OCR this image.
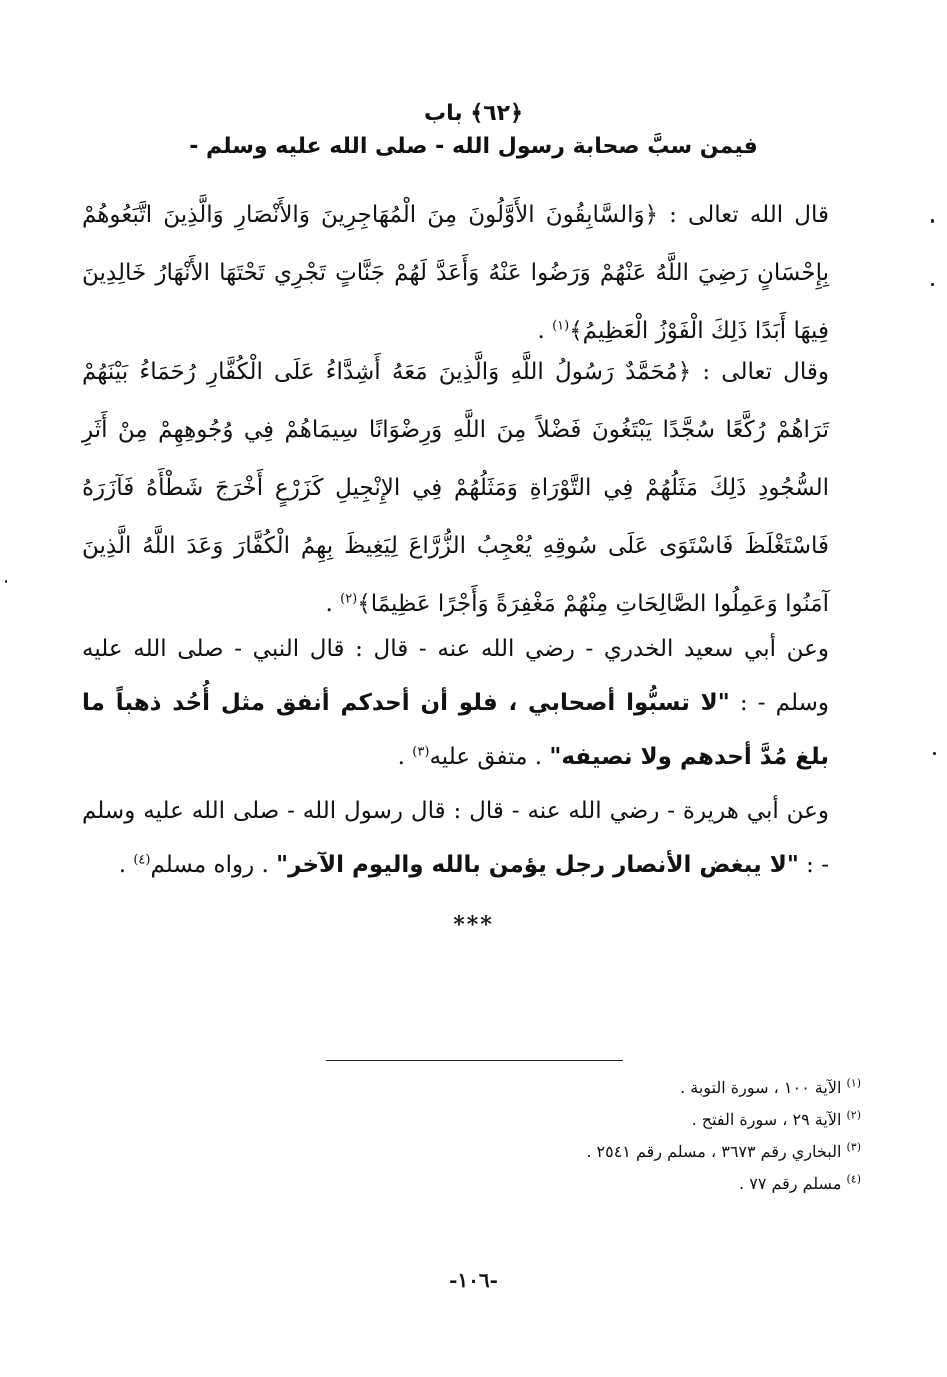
﴿٦٢﴾ باب
فيمن سبَّ صحابة رسول الله - صلى الله عليه وسلم -

قال الله تعالى : ﴿وَالسَّابِقُونَ الأَوَّلُونَ مِنَ الْمُهَاجِرِينَ وَالأَنْصَارِ وَالَّذِينَ اتَّبَعُوهُمْ بِإِحْسَانٍ رَضِيَ اللَّهُ عَنْهُمْ وَرَضُوا عَنْهُ وَأَعَدَّ لَهُمْ جَنَّاتٍ تَجْرِي تَحْتَهَا الأَنْهَارُ خَالِدِينَ فِيهَا أَبَدًا ذَلِكَ الْفَوْزُ الْعَظِيمُ﴾$^{(١)}$ .

وقال تعالى : ﴿مُحَمَّدٌ رَسُولُ اللَّهِ وَالَّذِينَ مَعَهُ أَشِدَّاءُ عَلَى الْكُفَّارِ رُحَمَاءُ بَيْنَهُمْ تَرَاهُمْ رُكَّعًا سُجَّدًا يَبْتَغُونَ فَضْلاً مِنَ اللَّهِ وَرِضْوَانًا سِيمَاهُمْ فِي وُجُوهِهِمْ مِنْ أَثَرِ السُّجُودِ ذَلِكَ مَثَلُهُمْ فِي التَّوْرَاةِ وَمَثَلُهُمْ فِي الإِنْجِيلِ كَزَرْعٍ أَخْرَجَ شَطْأَهُ فَآزَرَهُ فَاسْتَغْلَظَ فَاسْتَوَى عَلَى سُوقِهِ يُعْجِبُ الزُّرَّاعَ لِيَغِيظَ بِهِمُ الْكُفَّارَ وَعَدَ اللَّهُ الَّذِينَ آمَنُوا وَعَمِلُوا الصَّالِحَاتِ مِنْهُمْ مَغْفِرَةً وَأَجْرًا عَظِيمًا﴾$^{(٢)}$ .

وعن أبي سعيد الخدري - رضي الله عنه - قال : قال النبي - صلى الله عليه وسلم - : "لا تسبُّوا أصحابي ، فلو أن أحدكم أنفق مثل أُحُد ذهباً ما بلغ مُدَّ أحدهم ولا نصيفه" . متفق عليه$^{(٣)}$ .

وعن أبي هريرة - رضي الله عنه - قال : قال رسول الله - صلى الله عليه وسلم - : "لا يبغض الأنصار رجل يؤمن بالله واليوم الآخر" . رواه مسلم$^{(٤)}$ .

***
$^{(١)}$ الآية ١٠٠ ، سورة التوبة .
$^{(٢)}$ الآية ٢٩ ، سورة الفتح .
$^{(٣)}$ البخاري رقم ٣٦٧٣ ، مسلم رقم ٢٥٤١ .
$^{(٤)}$ مسلم رقم ٧٧ .
-١٠٦-
